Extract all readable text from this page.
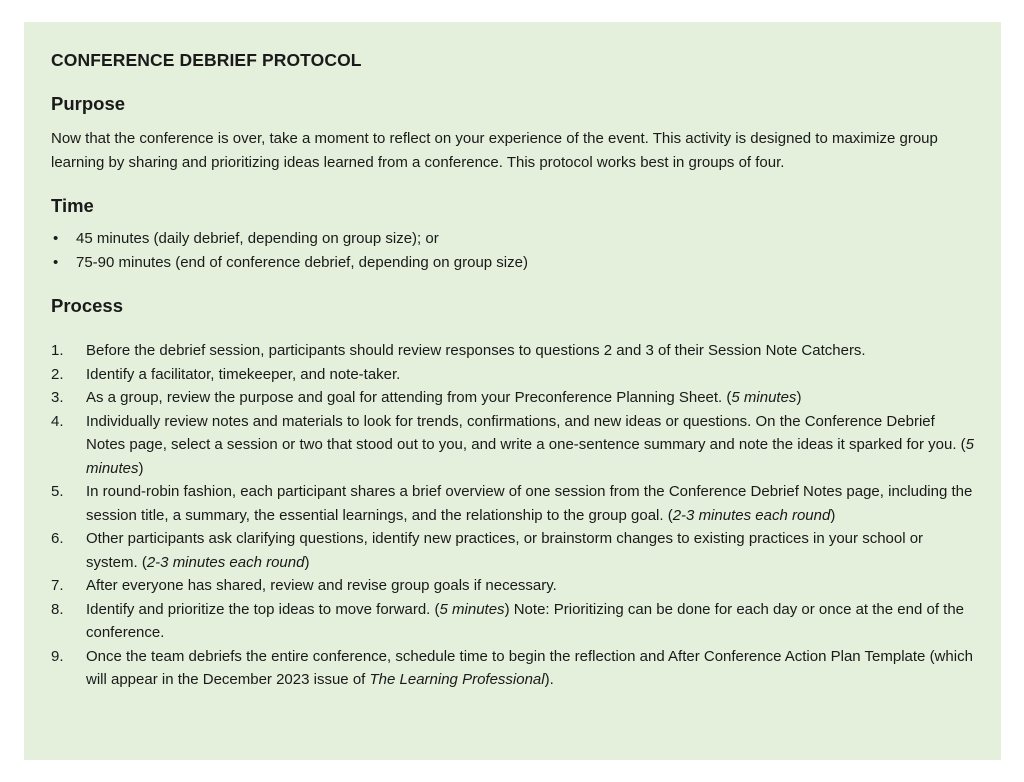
CONFERENCE DEBRIEF PROTOCOL
Purpose

Now that the conference is over, take a moment to reflect on your experience of the event. This activity is designed to maximize group learning by sharing and prioritizing ideas learned from a conference. This protocol works best in groups of four.

Time
• 45 minutes (daily debrief, depending on group size); or
• 75-90 minutes (end of conference debrief, depending on group size)
Process
1. Before the debrief session, participants should review responses to questions 2 and 3 of their Session Note Catchers.
2. Identify a facilitator, timekeeper, and note-taker.
3. As a group, review the purpose and goal for attending from your Preconference Planning Sheet. (5 minutes)
4. Individually review notes and materials to look for trends, confirmations, and new ideas or questions. On the Conference Debrief Notes page, select a session or two that stood out to you, and write a one-sentence summary and note the ideas it sparked for you. (5 minutes)
5. In round-robin fashion, each participant shares a brief overview of one session from the Conference Debrief Notes page, including the session title, a summary, the essential learnings, and the relationship to the group goal. (2-3 minutes each round)
6. Other participants ask clarifying questions, identify new practices, or brainstorm changes to existing practices in your school or system. (2-3 minutes each round)
7. After everyone has shared, review and revise group goals if necessary.
8. Identify and prioritize the top ideas to move forward. (5 minutes) Note: Prioritizing can be done for each day or once at the end of the conference.
9. Once the team debriefs the entire conference, schedule time to begin the reflection and After Conference Action Plan Template (which will appear in the December 2023 issue of The Learning Professional).
